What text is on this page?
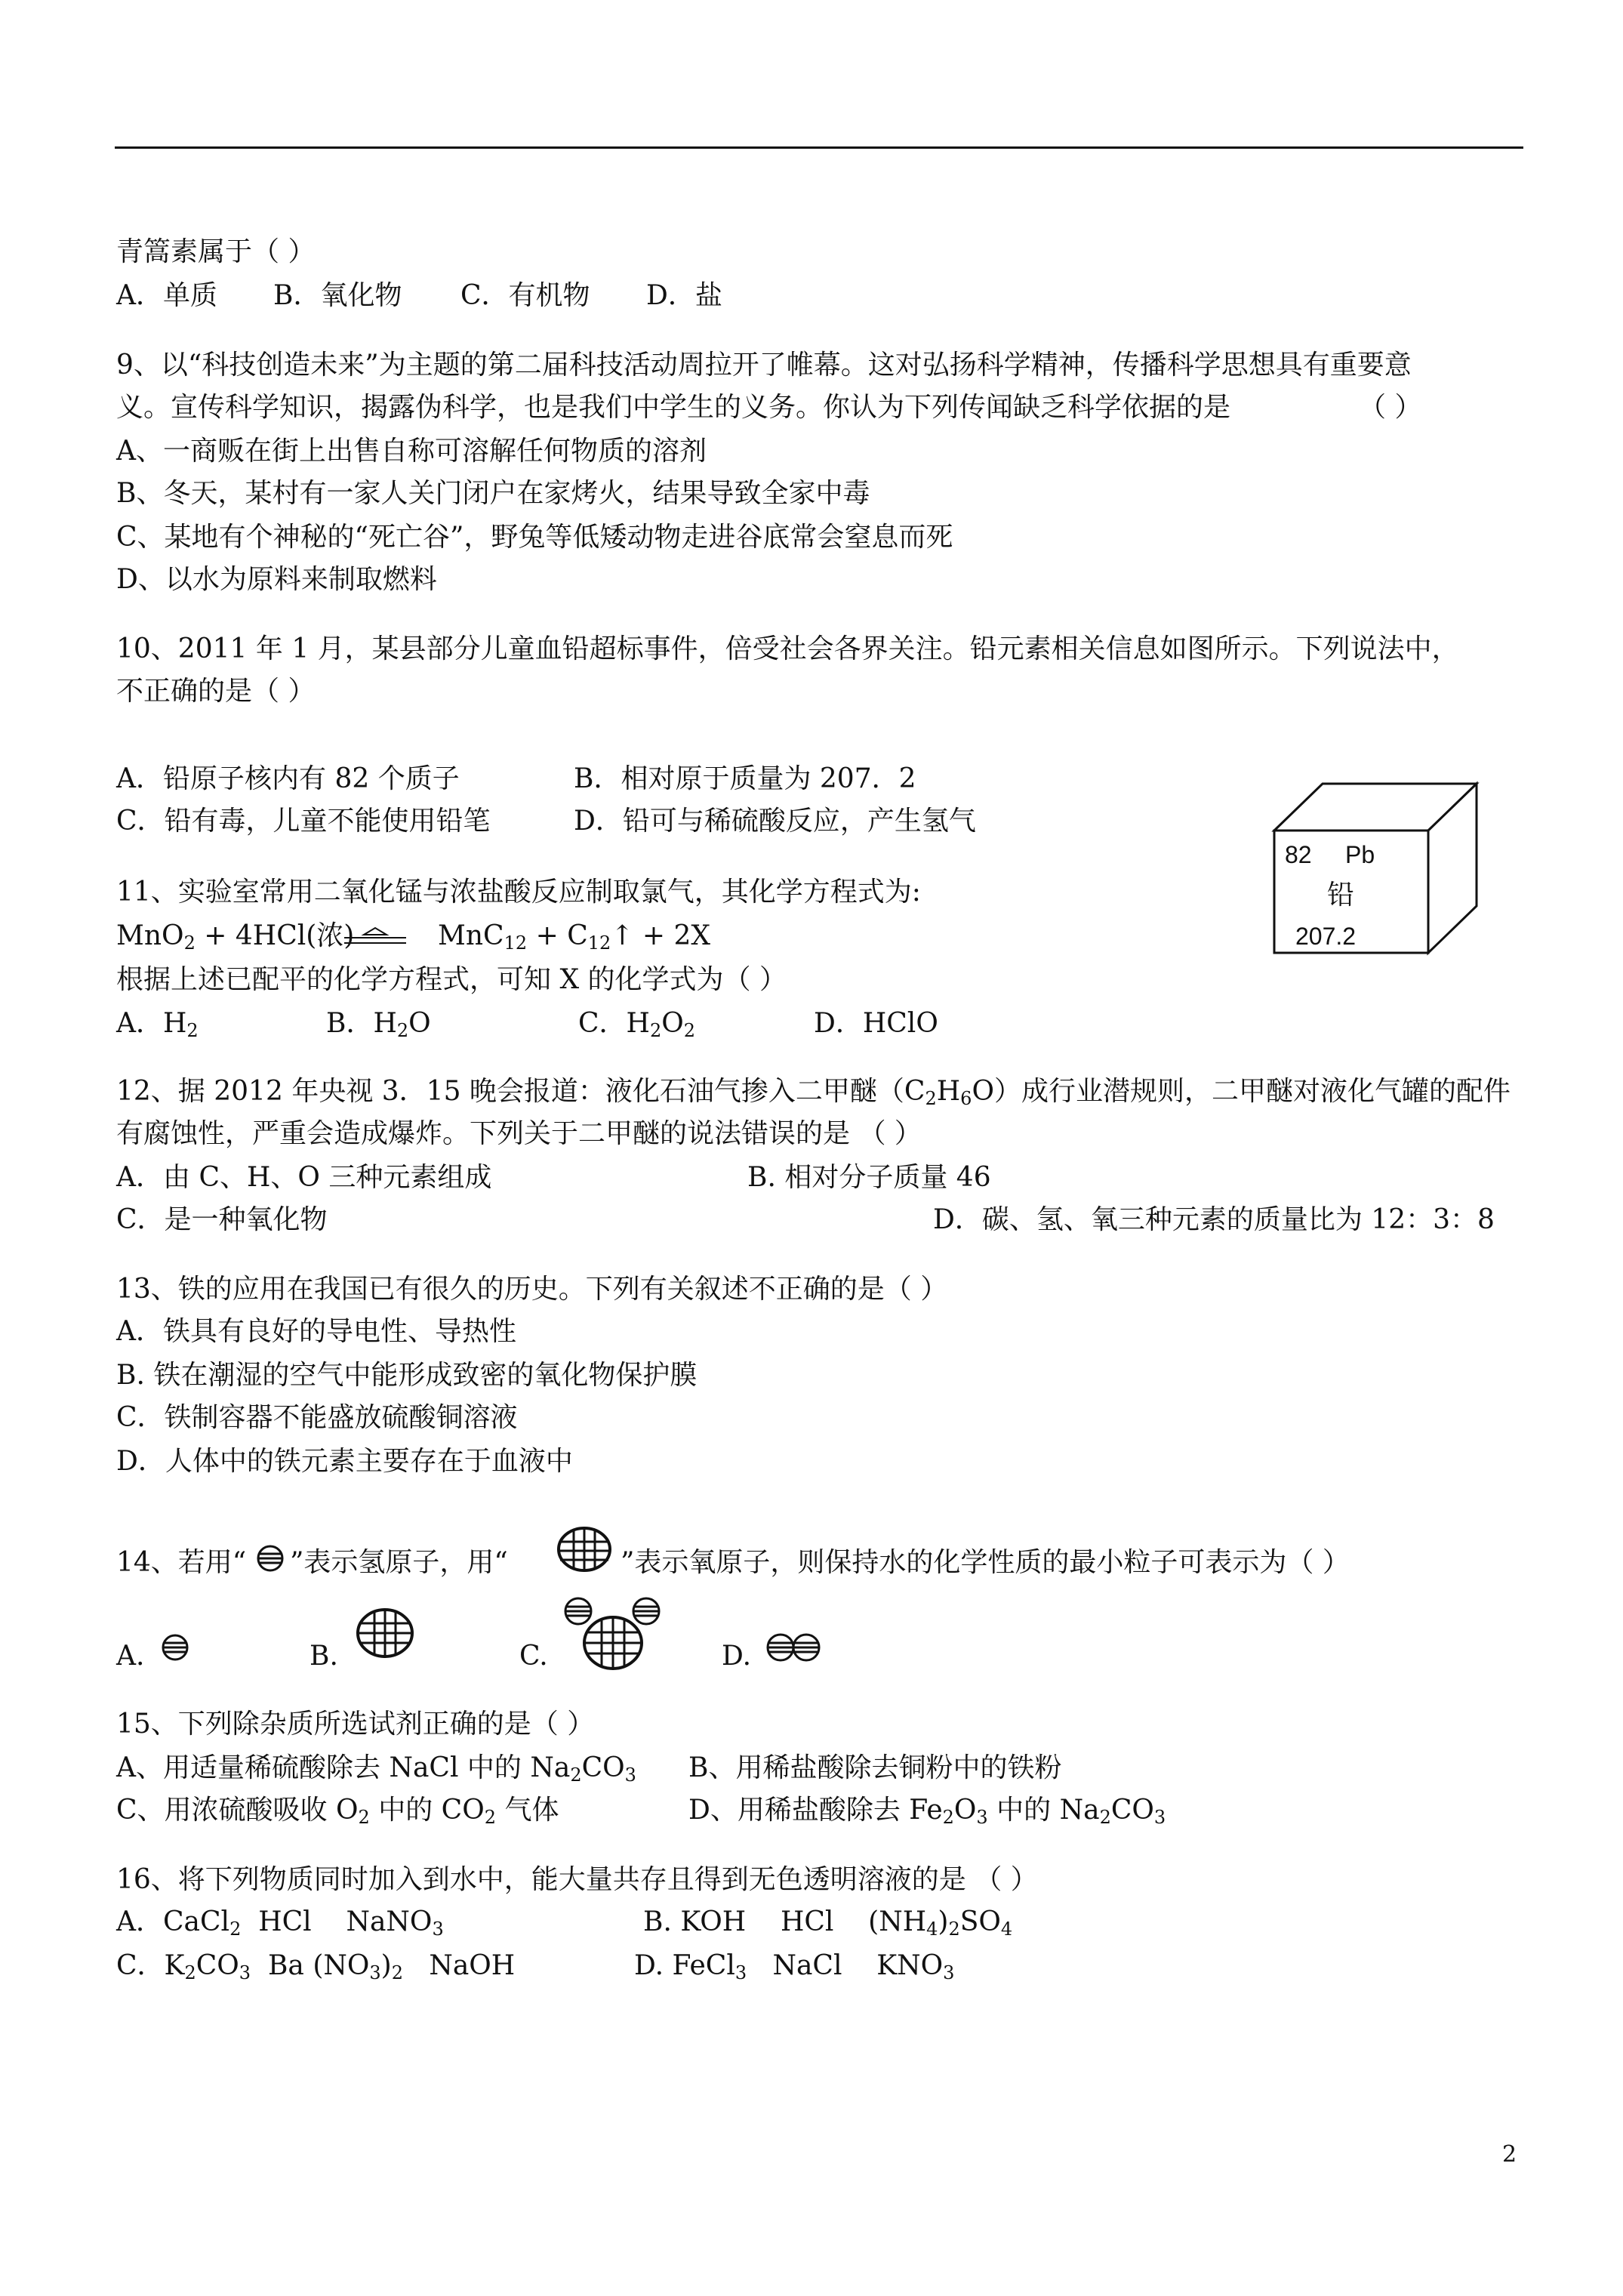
青篙素属于（ ）
A．单质 B．氧化物 C．有机物 D．盐
9、以“科技创造未来”为主题的第二届科技活动周拉开了帷幕。这对弘扬科学精神，传播科学思想具有重要意
义。宣传科学知识，揭露伪科学，也是我们中学生的义务。你认为下列传闻缺乏科学依据的是	（ ）
A、一商贩在街上出售自称可溶解任何物质的溶剂
B、冬天，某村有一家人关门闭户在家烤火，结果导致全家中毒
C、某地有个神秘的“死亡谷”，野兔等低矮动物走进谷底常会窒息而死
D、以水为原料来制取燃料
10、2011 年 1 月，某县部分儿童血铅超标事件，倍受社会各界关注。铅元素相关信息如图所示。下列说法中，
不正确的是（ ）
A．铅原子核内有 82 个质子	B．相对原于质量为 207．2
C．铅有毒，儿童不能使用铅笔	D．铅可与稀硫酸反应，产生氢气
82 Pb
铅
207.2
11、实验室常用二氧化锰与浓盐酸反应制取氯气，其化学方程式为:
MnO$_2$ + 4HCl(浓)	$MnC_{12} + C_{12}↑ + 2X$
根据上述已配平的化学方程式，可知 X 的化学式为（ ）
A．$H_2$	B．$H_2O$	C．$H_2O_2$	D．HClO
12、据 2012 年央视 3．15 晚会报道：液化石油气掺入二甲醚$(C_2H_6O)$成行业潜规则，二甲醚对液化气罐的配件
有腐蚀性，严重会造成爆炸。下列关于二甲醚的说法错误的是 （ ）
A．由 C、H、O 三种元素组成	B. 相对分子质量 46
C．是一种氧化物	D．碳、氢、氧三种元素的质量比为 12：3：8
13、铁的应用在我国已有很久的历史。下列有关叙述不正确的是（ ）
A．铁具有良好的导电性、导热性
B. 铁在潮湿的空气中能形成致密的氧化物保护膜
C．铁制容器不能盛放硫酸铜溶液
D．人体中的铁元素主要存在于血液中
14、若用“ ”表示氢原子，用“	”表示氧原子，则保持水的化学性质的最小粒子可表示为（ ）
A.	B.	C.	D.
15、下列除杂质所选试剂正确的是（ ）
A、用适量稀硫酸除去 NaCl 中的 $Na_2CO_3$ B、用稀盐酸除去铜粉中的铁粉
C、用浓硫酸吸收 $O_2$ 中的 $CO_2$ 气体	D、用稀盐酸除去 $Fe_2O_3$ 中的 $Na_2CO_3$
16、将下列物质同时加入到水中，能大量共存且得到无色透明溶液的是 （ ）
A．CaCl$_2$  HCl    NaNO$_3$	B. KOH    HCl    $(NH_4)_2SO_4$
C．$K_2CO_3$  Ba $(NO_3)_2$   NaOH	D. FeCl$_3$   NaCl    $KNO_3$
2
